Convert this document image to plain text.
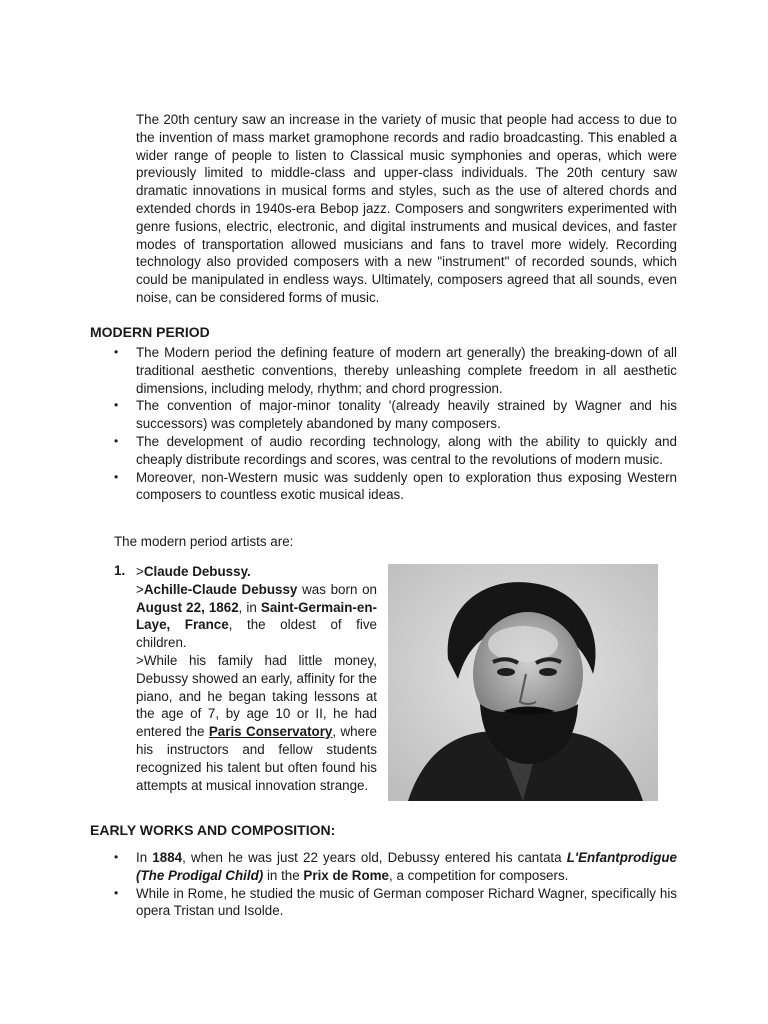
The 20th century saw an increase in the variety of music that people had access to due to the invention of mass market gramophone records and radio broadcasting. This enabled a wider range of people to listen to Classical music symphonies and operas, which were previously limited to middle-class and upper-class individuals. The 20th century saw dramatic innovations in musical forms and styles, such as the use of altered chords and extended chords in 1940s-era Bebop jazz. Composers and songwriters experimented with genre fusions, electric, electronic, and digital instruments and musical devices, and faster modes of transportation allowed musicians and fans to travel more widely. Recording technology also provided composers with a new "instrument" of recorded sounds, which could be manipulated in endless ways. Ultimately, composers agreed that all sounds, even noise, can be considered forms of music.

MODERN PERIOD
• The Modern period the defining feature of modern art generally) the breaking-down of all traditional aesthetic conventions, thereby unleashing complete freedom in all aesthetic dimensions, including melody, rhythm; and chord progression.
• The convention of major-minor tonality '(already heavily strained by Wagner and his successors) was completely abandoned by many composers.
• The development of audio recording technology, along with the ability to quickly and cheaply distribute recordings and scores, was central to the revolutions of modern music.
• Moreover, non-Western music was suddenly open to exploration thus exposing Western composers to countless exotic musical ideas.

The modern period artists are:

1. >Claude Debussy.

>Achille-Claude Debussy was born on August 22, 1862, in Saint-Germain-en-Laye, France, the oldest of five children.

>While his family had little money, Debussy showed an early, affinity for the piano, and he began taking lessons at the age of 7, by age 10 or II, he had entered the Paris Conservatory, where his instructors and fellow students recognized his talent but often found his attempts at musical innovation strange.

EARLY WORKS AND COMPOSITION:
• In 1884, when he was just 22 years old, Debussy entered his cantata L'Enfantprodigue (The Prodigal Child) in the Prix de Rome, a competition for composers.
• While in Rome, he studied the music of German composer Richard Wagner, specifically his opera Tristan und Isolde.
